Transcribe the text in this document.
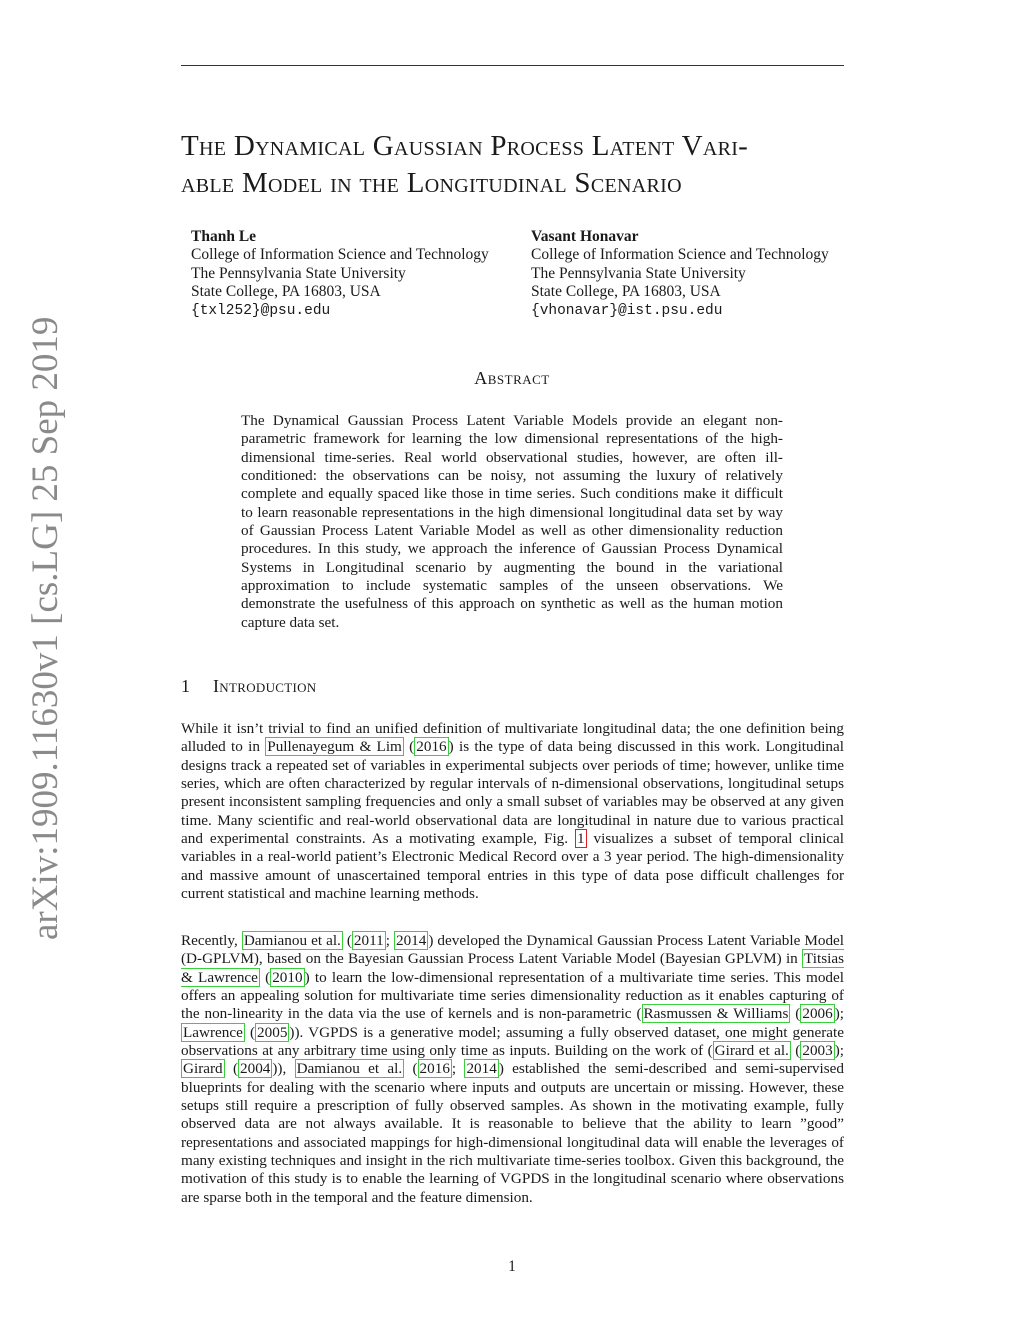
arXiv:1909.11630v1 [cs.LG] 25 Sep 2019
The Dynamical Gaussian Process Latent Vari-
able Model in the Longitudinal Scenario
Thanh Le
College of Information Science and Technology
The Pennsylvania State University
State College, PA 16803, USA
{txl252}@psu.edu
Vasant Honavar
College of Information Science and Technology
The Pennsylvania State University
State College, PA 16803, USA
{vhonavar}@ist.psu.edu
Abstract

The Dynamical Gaussian Process Latent Variable Models provide an elegant non-parametric framework for learning the low dimensional representations of the high-dimensional time-series. Real world observational studies, however, are often ill-conditioned: the observations can be noisy, not assuming the luxury of relatively complete and equally spaced like those in time series. Such conditions make it difficult to learn reasonable representations in the high dimensional longitudinal data set by way of Gaussian Process Latent Variable Model as well as other dimensionality reduction procedures. In this study, we approach the inference of Gaussian Process Dynamical Systems in Longitudinal scenario by augmenting the bound in the variational approximation to include systematic samples of the unseen observations. We demonstrate the usefulness of this approach on synthetic as well as the human motion capture data set.

1 Introduction

While it isn’t trivial to find an unified definition of multivariate longitudinal data; the one definition being alluded to in Pullenayegum & Lim ( 2016 ) is the type of data being discussed in this work. Longitudinal designs track a repeated set of variables in experimental subjects over periods of time; however, unlike time series, which are often characterized by regular intervals of n-dimensional observations, longitudinal setups present inconsistent sampling frequencies and only a small subset of variables may be observed at any given time. Many scientific and real-world observational data are longitudinal in nature due to various practical and experimental constraints. As a motivating example, Fig. 1 visualizes a subset of temporal clinical variables in a real-world patient’s Electronic Medical Record over a 3 year period. The high-dimensionality and massive amount of unascertained temporal entries in this type of data pose difficult challenges for current statistical and machine learning methods.

Recently, Damianou et al. ( 2011 ; 2014 ) developed the Dynamical Gaussian Process Latent Variable Model (D-GPLVM), based on the Bayesian Gaussian Process Latent Variable Model (Bayesian GPLVM) in Titsias & Lawrence ( 2010 ) to learn the low-dimensional representation of a multivariate time series. This model offers an appealing solution for multivariate time series dimensionality reduction as it enables capturing of the non-linearity in the data via the use of kernels and is non-parametric ( Rasmussen & Williams ( 2006 ); Lawrence ( 2005 )). VGPDS is a generative model; assuming a fully observed dataset, one might generate observations at any arbitrary time using only time as inputs. Building on the work of ( Girard et al. ( 2003 ); Girard ( 2004 )), Damianou et al. ( 2016 ; 2014 ) established the semi-described and semi-supervised blueprints for dealing with the scenario where inputs and outputs are uncertain or missing. However, these setups still require a prescription of fully observed samples. As shown in the motivating example, fully observed data are not always available. It is reasonable to believe that the ability to learn ”good” representations and associated mappings for high-dimensional longitudinal data will enable the leverages of many existing techniques and insight in the rich multivariate time-series toolbox. Given this background, the motivation of this study is to enable the learning of VGPDS in the longitudinal scenario where observations are sparse both in the temporal and the feature dimension.

1
